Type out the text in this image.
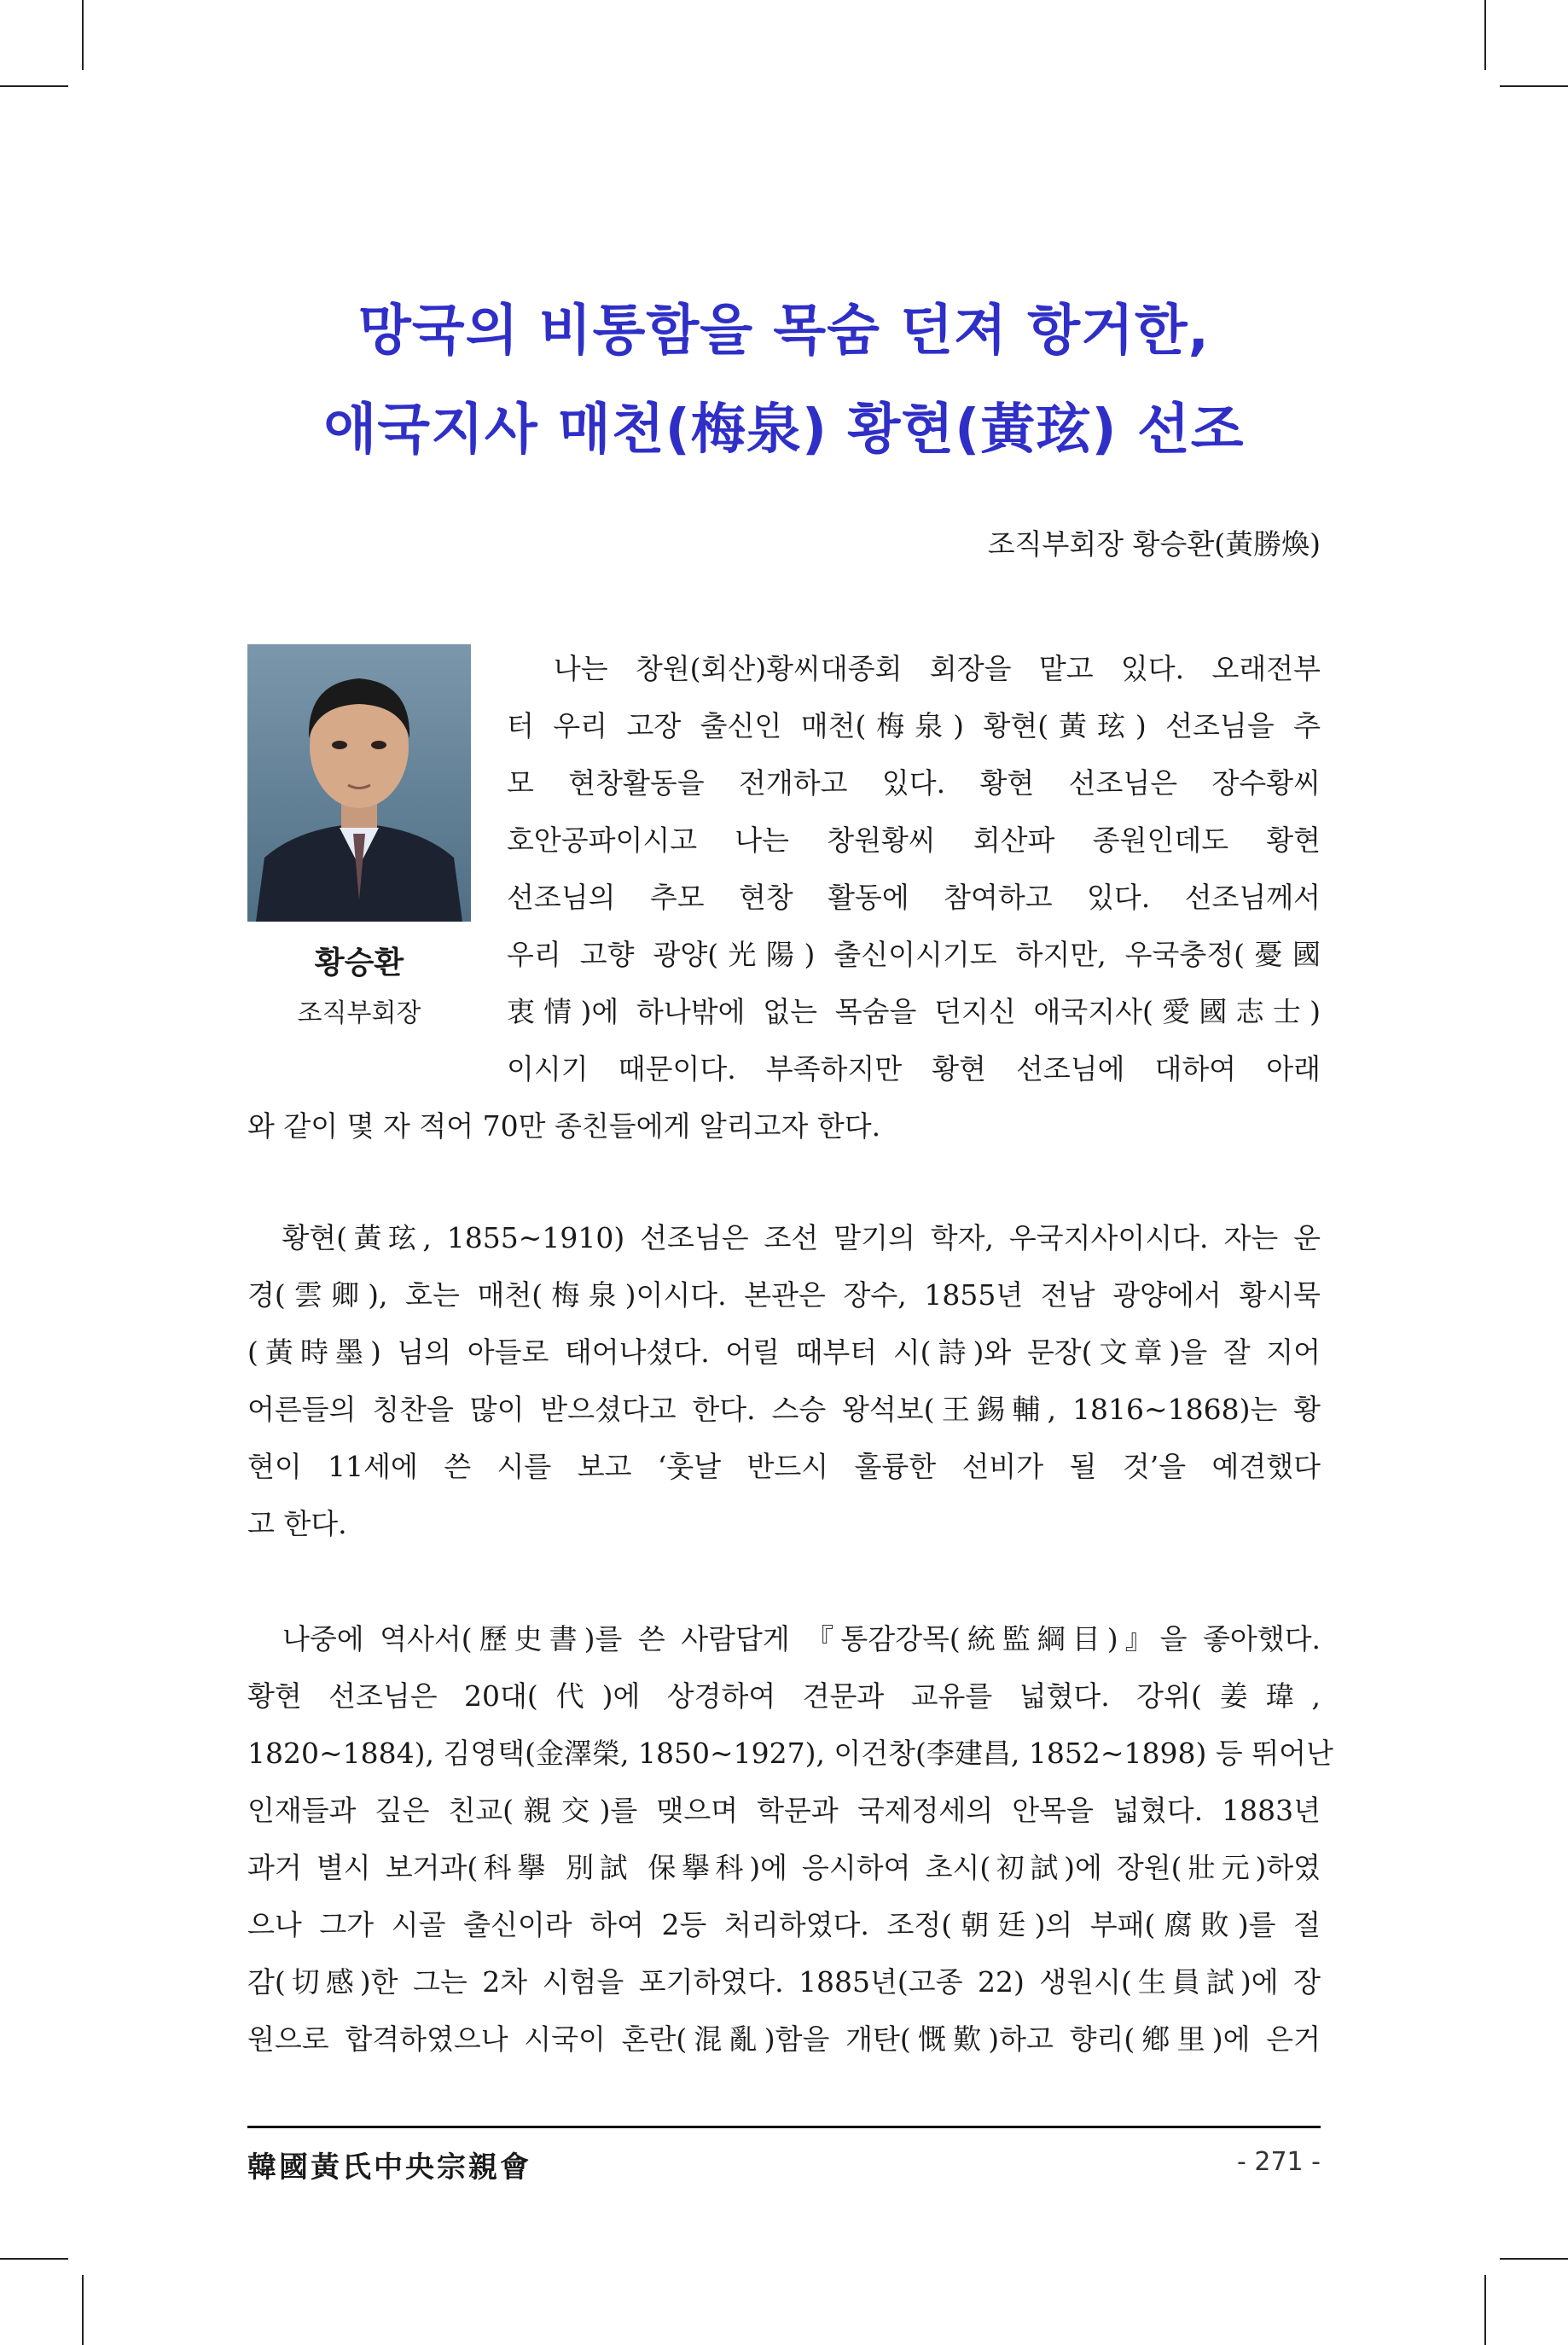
망국의 비통함을 목숨 던져 항거한,
애국지사 매천(梅泉) 황현(黃玹) 선조
조직부회장 황승환(黃勝煥)
황승환
조직부회장
　나는 창원(회산)황씨대종회 회장을 맡고 있다. 오래전부
터 우리 고장 출신인 매천(梅泉) 황현(黃玹) 선조님을 추
모 현창활동을 전개하고 있다. 황현 선조님은 장수황씨
호안공파이시고 나는 창원황씨 회산파 종원인데도 황현
선조님의 추모 현창 활동에 참여하고 있다. 선조님께서
우리 고향 광양(光陽) 출신이시기도 하지만, 우국충정(憂國
衷情)에 하나밖에 없는 목숨을 던지신 애국지사(愛國志士)
이시기 때문이다. 부족하지만 황현 선조님에 대하여 아래
와 같이 몇 자 적어 70만 종친들에게 알리고자 한다.
　황현(黃玹, 1855~1910) 선조님은 조선 말기의 학자, 우국지사이시다. 자는 운
경(雲卿), 호는 매천(梅泉)이시다. 본관은 장수, 1855년 전남 광양에서 황시묵
(黃時墨) 님의 아들로 태어나셨다. 어릴 때부터 시(詩)와 문장(文章)을 잘 지어
어른들의 칭찬을 많이 받으셨다고 한다. 스승 왕석보(王錫輔, 1816~1868)는 황
현이 11세에 쓴 시를 보고 ‘훗날 반드시 훌륭한 선비가 될 것’을 예견했다
고 한다.
　나중에 역사서(歷史書)를 쓴 사람답게 『통감강목(統監綱目)』을 좋아했다.
황현 선조님은 20대(代)에 상경하여 견문과 교유를 넓혔다. 강위(姜瑋,
1820~1884), 김영택(金澤榮, 1850~1927), 이건창(李建昌, 1852~1898) 등 뛰어난
인재들과 깊은 친교(親交)를 맺으며 학문과 국제정세의 안목을 넓혔다. 1883년
과거 별시 보거과(科擧 別試 保擧科)에 응시하여 초시(初試)에 장원(壯元)하였
으나 그가 시골 출신이라 하여 2등 처리하였다. 조정(朝廷)의 부패(腐敗)를 절
감(切感)한 그는 2차 시험을 포기하였다. 1885년(고종 22) 생원시(生員試)에 장
원으로 합격하였으나 시국이 혼란(混亂)함을 개탄(慨歎)하고 향리(鄕里)에 은거
韓國黃氏中央宗親會	- 271 -
